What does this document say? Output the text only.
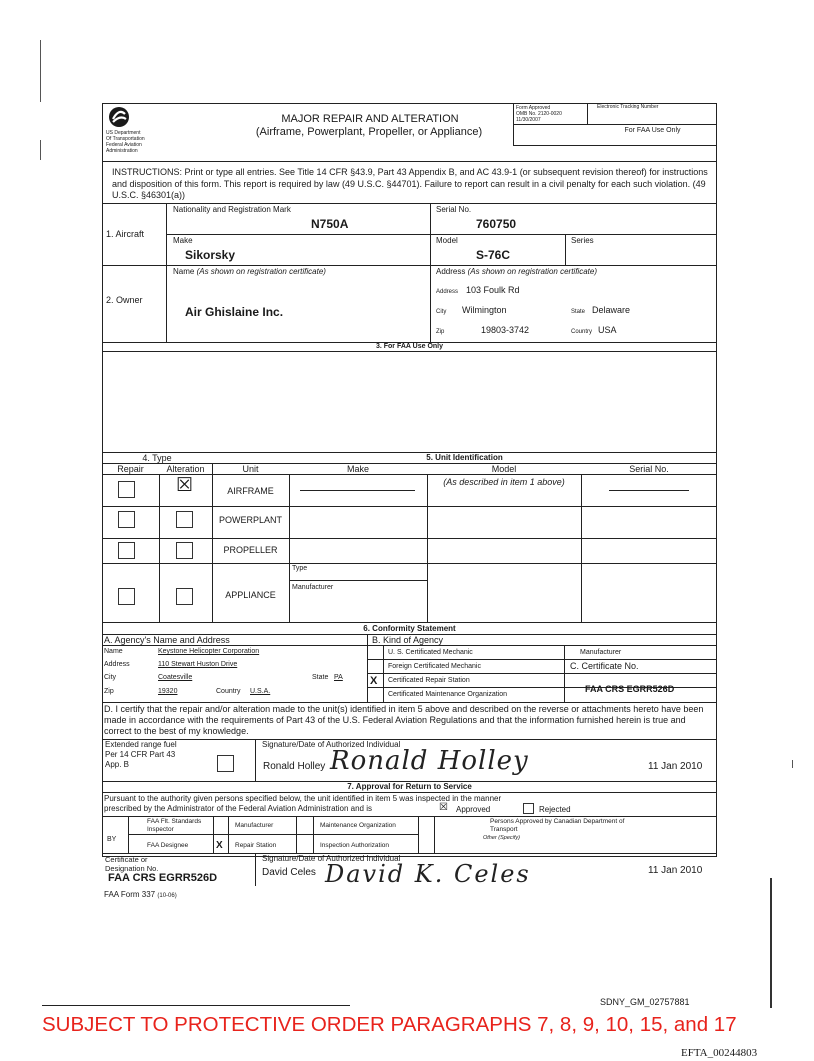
US Department
Of Transportation
Federal Aviation
Administration
MAJOR REPAIR AND ALTERATION
(Airframe, Powerplant, Propeller, or Appliance)
Form Approved
OMB No. 2120-0020
11/30/2007
Electronic Tracking Number
For FAA Use Only
INSTRUCTIONS: Print or type all entries. See Title 14 CFR §43.9, Part 43 Appendix B, and AC 43.9-1 (or subsequent revision thereof) for instructions and disposition of this form. This report is required by law (49 U.S.C. §44701). Failure to report can result in a civil penalty for each such violation. (49 U.S.C. §46301(a))
1. Aircraft
Nationality and Registration Mark
N750A
Serial No.
760750
Make
Sikorsky
Model
S-76C
Series
2. Owner
Name (As shown on registration certificate)
Air Ghislaine Inc.
Address (As shown on registration certificate)
Address 103 Foulk Rd
City Wilmington	State Delaware
Zip	19803-3742	Country USA
3. For FAA Use Only
4. Type	5. Unit Identification
Repair	Alteration	Unit	Make	Model	Serial No.
☒	AIRFRAME
(As described in item 1 above)
POWERPLANT
PROPELLER
APPLIANCE
Type
Manufacturer
6. Conformity Statement
A. Agency's Name and Address	B. Kind of Agency
Name	Keystone Helicopter Corporation
Address	110 Stewart Huston Drive
City	Coatesville	State PA
Zip	19320	Country U.S.A.
U. S. Certificated Mechanic
Foreign Certificated Mechanic
X Certificated Repair Station
Certificated Maintenance Organization
Manufacturer
C. Certificate No.
FAA CRS EGRR526D
D. I certify that the repair and/or alteration made to the unit(s) identified in item 5 above and described on the reverse or attachments hereto have been made in accordance with the requirements of Part 43 of the U.S. Federal Aviation Regulations and that the information furnished herein is true and correct to the best of my knowledge.
Extended range fuel
Per 14 CFR Part 43
App. B
Signature/Date of Authorized Individual
Ronald Holley Ronald Holley	11 Jan 2010
7. Approval for Return to Service
Pursuant to the authority given persons specified below, the unit identified in item 5 was inspected in the manner prescribed by the Administrator of the Federal Aviation Administration and is	☒ Approved	Rejected
BY
FAA Flt. Standards Inspector
FAA Designee	X
Manufacturer
Repair Station
Maintenance Organization
Inspection Authorization
Persons Approved by Canadian Department of Transport
Other (Specify)
Certificate or Designation No.
FAA CRS EGRR526D
Signature/Date of Authorized Individual
David Celes David K. Celes	11 Jan 2010
FAA Form 337 (10-06)
SDNY_GM_02757881
SUBJECT TO PROTECTIVE ORDER PARAGRAPHS 7, 8, 9, 10, 15, and 17
EFTA_00244803
